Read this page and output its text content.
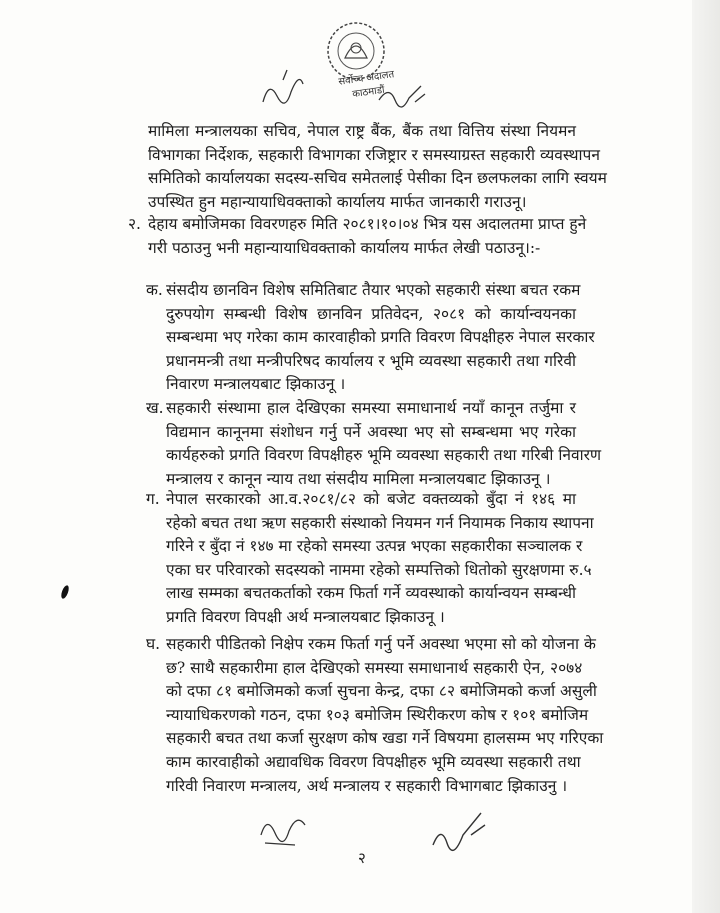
सर्वोच्च अदालत
काठमाडौं
मामिला मन्त्रालयका सचिव, नेपाल राष्ट्र बैंक, बैंक तथा वित्तिय संस्था नियमन
विभागका निर्देशक, सहकारी विभागका रजिष्ट्रार र समस्याग्रस्त सहकारी व्यवस्थापन
समितिको कार्यालयका सदस्य-सचिव समेतलाई पेसीका दिन छलफलका लागि स्वयम
उपस्थित हुन महान्यायाधिवक्ताको कार्यालय मार्फत जानकारी गराउनू।
२. देहाय बमोजिमका विवरणहरु मिति २०८१।१०।०४ भित्र यस अदालतमा प्राप्त हुने
गरी पठाउनु भनी महान्यायाधिवक्ताको कार्यालय मार्फत लेखी पठाउनू।:-
क. संसदीय छानविन विशेष समितिबाट तैयार भएको सहकारी संस्था बचत रकम
दुरुपयोग सम्बन्धी विशेष छानविन प्रतिवेदन, २०८१ को कार्यान्वयनका
सम्बन्धमा भए गरेका काम कारवाहीको प्रगति विवरण विपक्षीहरु नेपाल सरकार
प्रधानमन्त्री तथा मन्त्रीपरिषद कार्यालय र भूमि व्यवस्था सहकारी तथा गरिवी
निवारण मन्त्रालयबाट झिकाउनू ।
ख. सहकारी संस्थामा हाल देखिएका समस्या समाधानार्थ नयाँ कानून तर्जुमा र
विद्यमान कानूनमा संशोधन गर्नु पर्ने अवस्था भए सो सम्बन्धमा भए गरेका
कार्यहरुको प्रगति विवरण विपक्षीहरु भूमि व्यवस्था सहकारी तथा गरिबी निवारण
मन्त्रालय र कानून न्याय तथा संसदीय मामिला मन्त्रालयबाट झिकाउनू ।
ग. नेपाल सरकारको आ.व.२०८१/८२ को बजेट वक्तव्यको बुँदा नं १४६ मा
रहेको बचत तथा ऋण सहकारी संस्थाको नियमन गर्न नियामक निकाय स्थापना
गरिने र बुँदा नं १४७ मा रहेको समस्या उत्पन्न भएका सहकारीका सञ्चालक र
एका घर परिवारको सदस्यको नाममा रहेको सम्पत्तिको धितोको सुरक्षणमा रु.५
लाख सम्मका बचतकर्ताको रकम फिर्ता गर्ने व्यवस्थाको कार्यान्वयन सम्बन्धी
प्रगति विवरण विपक्षी अर्थ मन्त्रालयबाट झिकाउनू ।
घ. सहकारी पीडितको निक्षेप रकम फिर्ता गर्नु पर्ने अवस्था भएमा सो को योजना के
छ? साथै सहकारीमा हाल देखिएको समस्या समाधानार्थ सहकारी ऐन, २०७४
को दफा ८१ बमोजिमको कर्जा सुचना केन्द्र, दफा ८२ बमोजिमको कर्जा असुली
न्यायाधिकरणको गठन, दफा १०३ बमोजिम स्थिरीकरण कोष र १०१ बमोजिम
सहकारी बचत तथा कर्जा सुरक्षण कोष खडा गर्ने विषयमा हालसम्म भए गरिएका
काम कारवाहीको अद्यावधिक विवरण विपक्षीहरु भूमि व्यवस्था सहकारी तथा
गरिवी निवारण मन्त्रालय, अर्थ मन्त्रालय र सहकारी विभागबाट झिकाउनु ।
२
